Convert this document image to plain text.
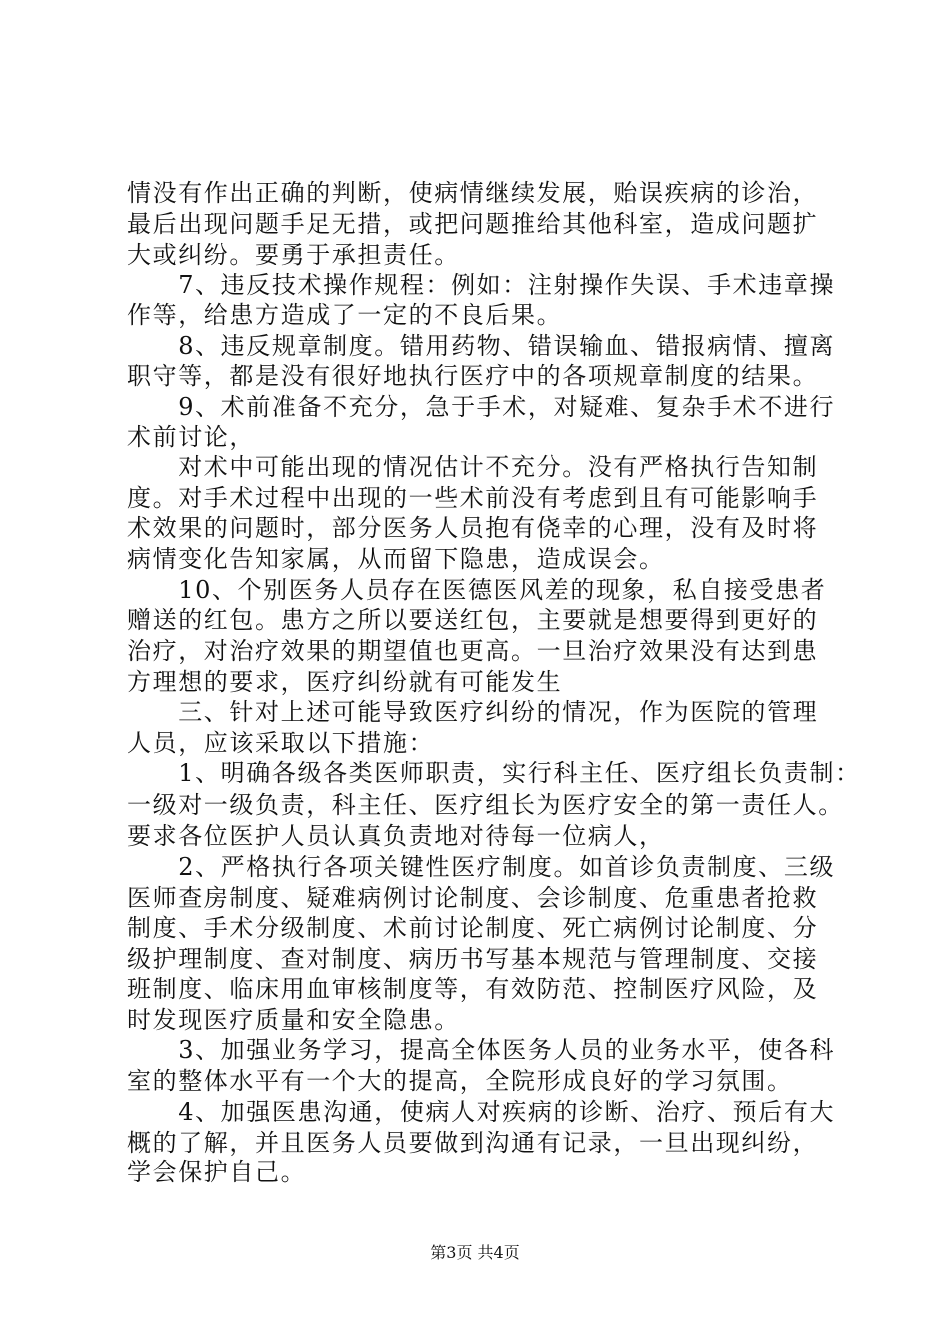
情没有作出正确的判断，使病情继续发展，贻误疾病的诊治，
最后出现问题手足无措，或把问题推给其他科室，造成问题扩
大或纠纷。要勇于承担责任。
　　7、违反技术操作规程：例如：注射操作失误、手术违章操
作等，给患方造成了一定的不良后果。
　　8、违反规章制度。错用药物、错误输血、错报病情、擅离
职守等，都是没有很好地执行医疗中的各项规章制度的结果。
　　9、术前准备不充分，急于手术，对疑难、复杂手术不进行
术前讨论，
　　对术中可能出现的情况估计不充分。没有严格执行告知制
度。对手术过程中出现的一些术前没有考虑到且有可能影响手
术效果的问题时，部分医务人员抱有侥幸的心理，没有及时将
病情变化告知家属，从而留下隐患，造成误会。
　　10、个别医务人员存在医德医风差的现象，私自接受患者
赠送的红包。患方之所以要送红包，主要就是想要得到更好的
治疗，对治疗效果的期望值也更高。一旦治疗效果没有达到患
方理想的要求，医疗纠纷就有可能发生
　　三、针对上述可能导致医疗纠纷的情况，作为医院的管理
人员，应该采取以下措施：
　　1、明确各级各类医师职责，实行科主任、医疗组长负责制：
一级对一级负责，科主任、医疗组长为医疗安全的第一责任人。
要求各位医护人员认真负责地对待每一位病人，
　　2、严格执行各项关键性医疗制度。如首诊负责制度、三级
医师查房制度、疑难病例讨论制度、会诊制度、危重患者抢救
制度、手术分级制度、术前讨论制度、死亡病例讨论制度、分
级护理制度、查对制度、病历书写基本规范与管理制度、交接
班制度、临床用血审核制度等，有效防范、控制医疗风险，及
时发现医疗质量和安全隐患。
　　3、加强业务学习，提高全体医务人员的业务水平，使各科
室的整体水平有一个大的提高，全院形成良好的学习氛围。
　　4、加强医患沟通，使病人对疾病的诊断、治疗、预后有大
概的了解，并且医务人员要做到沟通有记录，一旦出现纠纷，
学会保护自己。
第3页 共4页
